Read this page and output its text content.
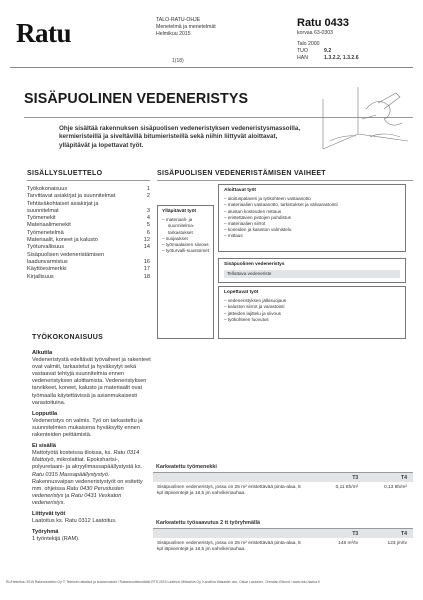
Ratu	TALO-RATU-OHJE
Menetelmä ja menetelmät
Helmikuu 2015
1(18)
Ratu 0433
korvaa 63-0303
Talo 2000
TUO	9.2
HAN	1.3.2.2, 1.3.2.6
SISÄPUOLINEN VEDENERISTYS
Ohje sisältää rakennuksen sisäpuolisen vedeneristyksen vedeneristysmassoilla, kermieristeillä ja siveltävillä bitumieristeillä sekä niihin liittyvät aloittavat, ylläpitävät ja lopettavat työt.
SISÄLLYSLUETTELO
Työkokonaisuus	1
Tarvittavat asiakirjat ja suunnitelmat	2
Tehtäväkohtaiset asiakirjat ja
suunnitelmat	3
Työmenekit	4
Materiaalimenekit	5
Työmenetelmä	6
Materiaalit, koneet ja kalusto	12
Työturvallisuus	14
Sisäpuolisen vedeneristämisen
laadunvarmistus	16
Käyttöesimerkki	17
Kirjallisuus	18
SISÄPUOLISEN VEDENERISTÄMISEN VAIHEET
Aloittavat työt
– aloituspalaveri ja työkohteen vastaanotto
– materiaalien vastaanotto, tarkistukset ja välivarastointi
– alustan kosteuden mittaus
– eristettävien pintojen puhdistus
– materiaalien siirrot
– koneiden ja kaluston valmistelu
– mittaus
Ylläpitävät työt
– materiaali- ja suunnitelma-tarkastukset
– suojaukset
– työmaalainen siivous
– työturvalli-suustoimet
Sisäpuolinen vedeneristys
Tellattava vedeneriste
Lopettavat työt
– vedeneristyksen jälkisuojaus
– kaluston siirrot ja varastointi
– jätteiden lajittelu ja siivous
– työkohteen luovutus
TYÖKOKONAISUUS
Alkutila
Vedeneristystä edeltävät työvaiheet ja rakenteet ovat valmiit, tarkastetut ja hyväksytyt sekä vastaavat tehtyjä suunnitelmia ennen vedeneristyksen aloittamista. Vedeneristyksen tarvikkeet, koneet, kalusto ja materiaalit ovat työmaalla käytettävissä ja asianmukaisesti varastoituina.
Lopputila
Vedeneristys on valmis. Työ on tarkastettu ja suunnitelmien mukaisena hyväksytty ennen rakenteiden peittämistä.
Ei sisällä
Mattotyötä kosteissa tiloissa, ks. Ratu 0314 Mattotyö, mikrolattiat. Epokshartsi-, polyuretaani- ja akryylimassapäällystystä ks. Ratu 0315 Massapäällystystyö. Rakennusvaipan vedeneristystyöt on esitetty mm. ohjeissa Ratu 0430 Perustusten vedeneristys ja Ratu 0431 Veskaton vedeneristys.
Liittyvät työt
Laatoitus ks. Ratu 0312 Laatoitus.
Työryhmä
1 työntekijä (RAM).
Karkeatettu työmenekki
T3	T4
Sisäpuolinen vedeneristys, jossa on 25 m² eristettävää pinta-alaa, 8 kpl läpivientejä ja 18,5 jm vahvikenauhaa.
0,11 tth/m²	0,13 tth/m²
Karkeatettu työsaavutus 2 tt työryhmällä
T3	T4
Sisäpuolinen vedeneristys, jossa on 25 m² eristettävää pinta-alaa, 8 kpl läpivientejä ja 18,5 jm vahvikenauhaa.
148 m²/tv	123 jm/tv
RL/Helmikuu 2015 Rakennustieto Oy © Tekniset ratkaisut ja kustannukset / Rakennustietosäätiö RTS 2015 Laatinut: Mittaviiva Oy, Karoliina Wasalder oko, Oskar Lantonen, Christian Eklund / www.ratu-haeka.fi
